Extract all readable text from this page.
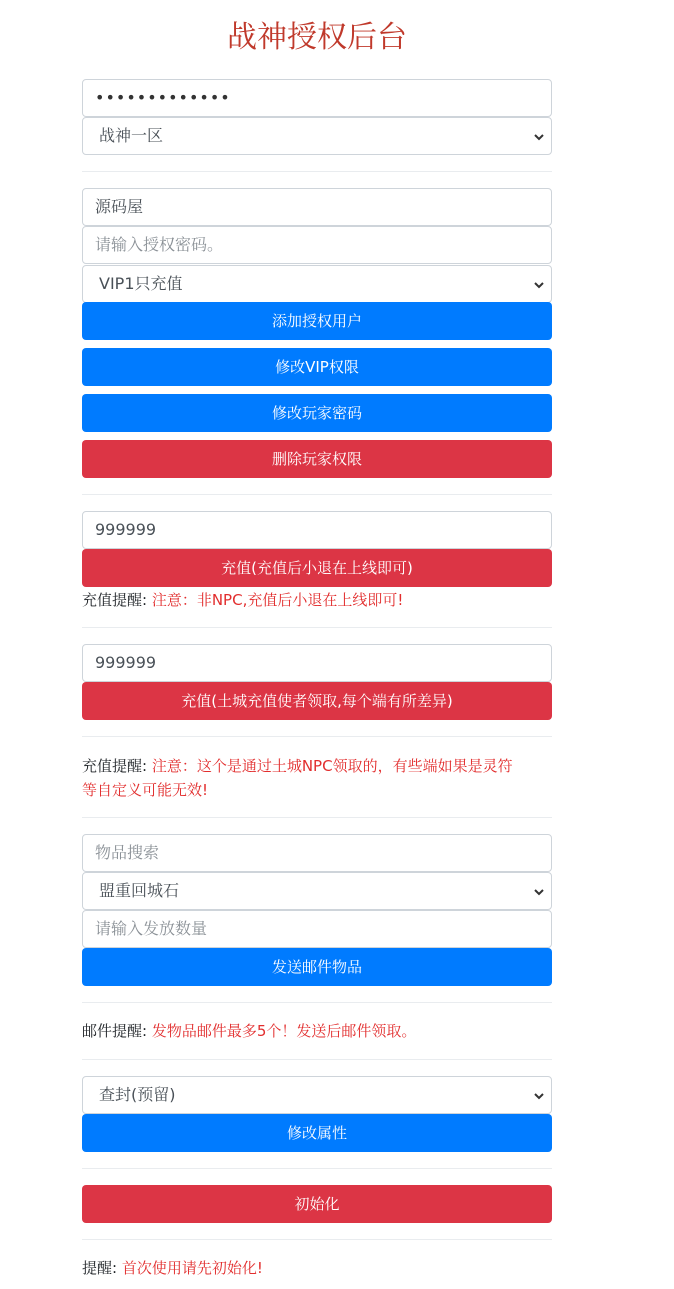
战神授权后台
•••••••••••••
战神一区
源码屋
请输入授权密码。
VIP1只充值
添加授权用户
修改VIP权限
修改玩家密码
删除玩家权限
999999
充值(充值后小退在上线即可)
充值提醒: 注意：非NPC,充值后小退在上线即可!
999999
充值(土城充值使者领取,每个端有所差异)
充值提醒: 注意：这个是通过土城NPC领取的，有些端如果是灵符
等自定义可能无效!
物品搜索
盟重回城石
请输入发放数量
发送邮件物品
邮件提醒: 发物品邮件最多5个！发送后邮件领取。
查封(预留)
修改属性
初始化
提醒: 首次使用请先初始化!
